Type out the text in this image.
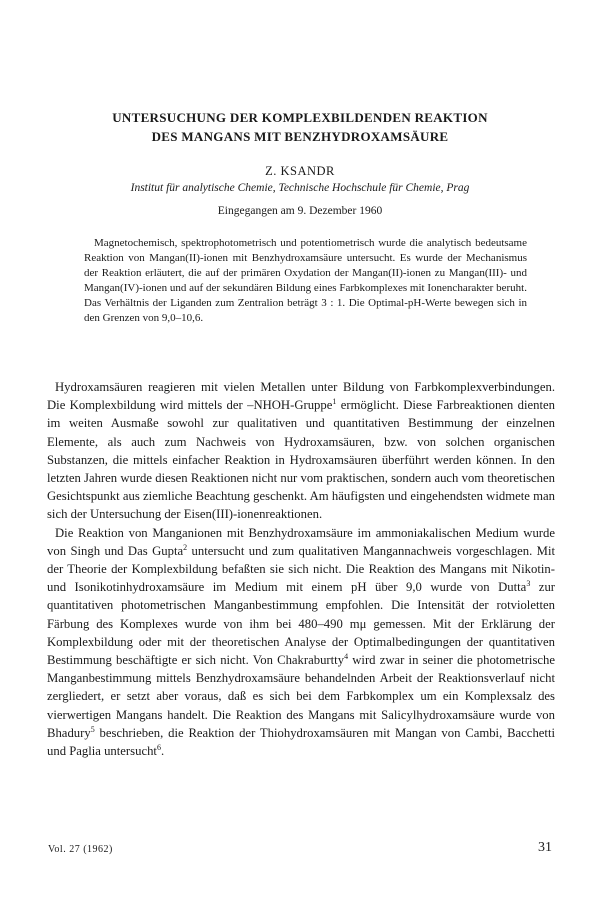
UNTERSUCHUNG DER KOMPLEXBILDENDEN REAKTION
DES MANGANS MIT BENZHYDROXAMSÄURE
Z. KSANDR
Institut für analytische Chemie, Technische Hochschule für Chemie, Prag
Eingegangen am 9. Dezember 1960

Magnetochemisch, spektrophotometrisch und potentiometrisch wurde die analytisch bedeutsame Reaktion von Mangan(II)-ionen mit Benzhydroxamsäure untersucht. Es wurde der Mechanismus der Reaktion erläutert, die auf der primären Oxydation der Mangan(II)-ionen zu Mangan(III)- und Mangan(IV)-ionen und auf der sekundären Bildung eines Farbkomplexes mit Ionencharakter beruht. Das Verhältnis der Liganden zum Zentralion beträgt 3 : 1. Die Optimal-pH-Werte bewegen sich in den Grenzen von 9,0–10,6.

Hydroxamsäuren reagieren mit vielen Metallen unter Bildung von Farbkomplexverbindungen. Die Komplexbildung wird mittels der –NHOH-Gruppe$^1$ ermöglicht. Diese Farbreaktionen dienten im weiten Ausmaße sowohl zur qualitativen und quantitativen Bestimmung der einzelnen Elemente, als auch zum Nachweis von Hydroxamsäuren, bzw. von solchen organischen Substanzen, die mittels einfacher Reaktion in Hydroxamsäuren überführt werden können. In den letzten Jahren wurde diesen Reaktionen nicht nur vom praktischen, sondern auch vom theoretischen Gesichtspunkt aus ziemliche Beachtung geschenkt. Am häufigsten und eingehendsten widmete man sich der Untersuchung der Eisen(III)-ionenreaktionen.

Die Reaktion von Manganionen mit Benzhydroxamsäure im ammoniakalischen Medium wurde von Singh und Das Gupta$^2$ untersucht und zum qualitativen Mangannachweis vorgeschlagen. Mit der Theorie der Komplexbildung befaßten sie sich nicht. Die Reaktion des Mangans mit Nikotin- und Isonikotinhydroxamsäure im Medium mit einem pH über 9,0 wurde von Dutta$^3$ zur quantitativen photometrischen Manganbestimmung empfohlen. Die Intensität der rotvioletten Färbung des Komplexes wurde von ihm bei 480–490 mμ gemessen. Mit der Erklärung der Komplexbildung oder mit der theoretischen Analyse der Optimalbedingungen der quantitativen Bestimmung beschäftigte er sich nicht. Von Chakraburtty$^4$ wird zwar in seiner die photometrische Manganbestimmung mittels Benzhydroxamsäure behandelnden Arbeit der Reaktionsverlauf nicht zergliedert, er setzt aber voraus, daß es sich bei dem Farbkomplex um ein Komplexsalz des vierwertigen Mangans handelt. Die Reaktion des Mangans mit Salicylhydroxamsäure wurde von Bhadury$^5$ beschrieben, die Reaktion der Thiohydroxamsäuren mit Mangan von Cambi, Bacchetti und Paglia untersucht$^6$.

Vol. 27 (1962)	31
